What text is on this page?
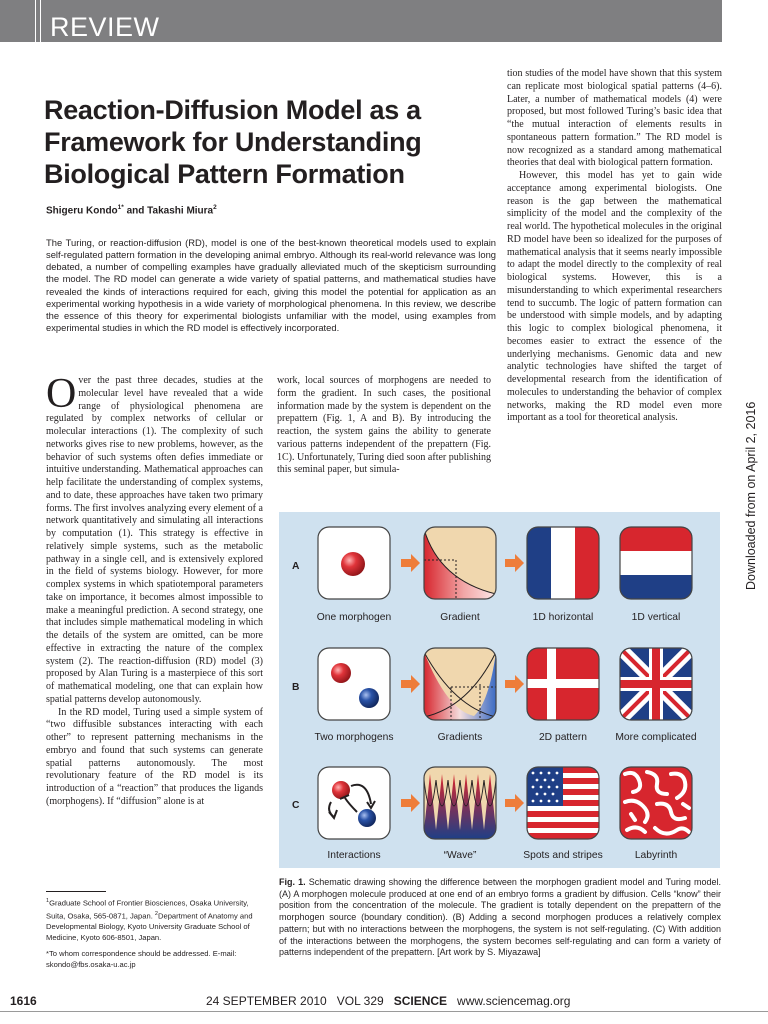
REVIEW
Reaction-Diffusion Model as a Framework for Understanding Biological Pattern Formation
Shigeru Kondo$^{1*}$ and Takashi Miura$^2$
The Turing, or reaction-diffusion (RD), model is one of the best-known theoretical models used to explain self-regulated pattern formation in the developing animal embryo. Although its real-world relevance was long debated, a number of compelling examples have gradually alleviated much of the skepticism surrounding the model. The RD model can generate a wide variety of spatial patterns, and mathematical studies have revealed the kinds of interactions required for each, giving this model the potential for application as an experimental working hypothesis in a wide variety of morphological phenomena. In this review, we describe the essence of this theory for experimental biologists unfamiliar with the model, using examples from experimental studies in which the RD model is effectively incorporated.

Over the past three decades, studies at the molecular level have revealed that a wide range of physiological phenomena are regulated by complex networks of cellular or molecular interactions (1). The complexity of such networks gives rise to new problems, however, as the behavior of such systems often defies immediate or intuitive understanding. Mathematical approaches can help facilitate the understanding of complex systems, and to date, these approaches have taken two primary forms. The first involves analyzing every element of a network quantitatively and simulating all interactions by computation (1). This strategy is effective in relatively simple systems, such as the metabolic pathway in a single cell, and is extensively explored in the field of systems biology. However, for more complex systems in which spatiotemporal parameters take on importance, it becomes almost impossible to make a meaningful prediction. A second strategy, one that includes simple mathematical modeling in which the details of the system are omitted, can be more effective in extracting the nature of the complex system (2). The reaction-diffusion (RD) model (3) proposed by Alan Turing is a masterpiece of this sort of mathematical modeling, one that can explain how spatial patterns develop autonomously.

In the RD model, Turing used a simple system of “two diffusible substances interacting with each other” to represent patterning mechanisms in the embryo and found that such systems can generate spatial patterns autonomously. The most revolutionary feature of the RD model is its introduction of a “reaction” that produces the ligands (morphogens). If “diffusion” alone is at

work, local sources of morphogens are needed to form the gradient. In such cases, the positional information made by the system is dependent on the prepattern (Fig. 1, A and B). By introducing the reaction, the system gains the ability to generate various patterns independent of the prepattern (Fig. 1C). Unfortunately, Turing died soon after publishing this seminal paper, but simula-

tion studies of the model have shown that this system can replicate most biological spatial patterns (4–6). Later, a number of mathematical models (4) were proposed, but most followed Turing’s basic idea that “the mutual interaction of elements results in spontaneous pattern formation.” The RD model is now recognized as a standard among mathematical theories that deal with biological pattern formation.

However, this model has yet to gain wide acceptance among experimental biologists. One reason is the gap between the mathematical simplicity of the model and the complexity of the real world. The hypothetical molecules in the original RD model have been so idealized for the purposes of mathematical analysis that it seems nearly impossible to adapt the model directly to the complexity of real biological systems. However, this is a misunderstanding to which experimental researchers tend to succumb. The logic of pattern formation can be understood with simple models, and by adapting this logic to complex biological phenomena, it becomes easier to extract the essence of the underlying mechanisms. Genomic data and new analytic technologies have shifted the target of developmental research from the identification of molecules to understanding the behavior of complex networks, making the RD model even more important as a tool for theoretical analysis.

A
B
C
One morphogen	Gradient	1D horizontal	1D vertical
Two morphogens	Gradients	2D pattern	More complicated
Interactions	“Wave”	Spots and stripes	Labyrinth
Fig. 1. Schematic drawing showing the difference between the morphogen gradient model and Turing model. (A) A morphogen molecule produced at one end of an embryo forms a gradient by diffusion. Cells “know” their position from the concentration of the molecule. The gradient is totally dependent on the prepattern of the morphogen source (boundary condition). (B) Adding a second morphogen produces a relatively complex pattern; but with no interactions between the morphogens, the system is not self-regulating. (C) With addition of the interactions between the morphogens, the system becomes self-regulating and can form a variety of patterns independent of the prepattern. [Art work by S. Miyazawa]
$^1$Graduate School of Frontier Biosciences, Osaka University, Suita, Osaka, 565-0871, Japan. $^2$Department of Anatomy and Developmental Biology, Kyoto University Graduate School of Medicine, Kyoto 606-8501, Japan.
*To whom correspondence should be addressed. E-mail: skondo@fbs.osaka-u.ac.jp
1616	24 SEPTEMBER 2010 VOL 329 SCIENCE www.sciencemag.org
Downloaded from on April 2, 2016
